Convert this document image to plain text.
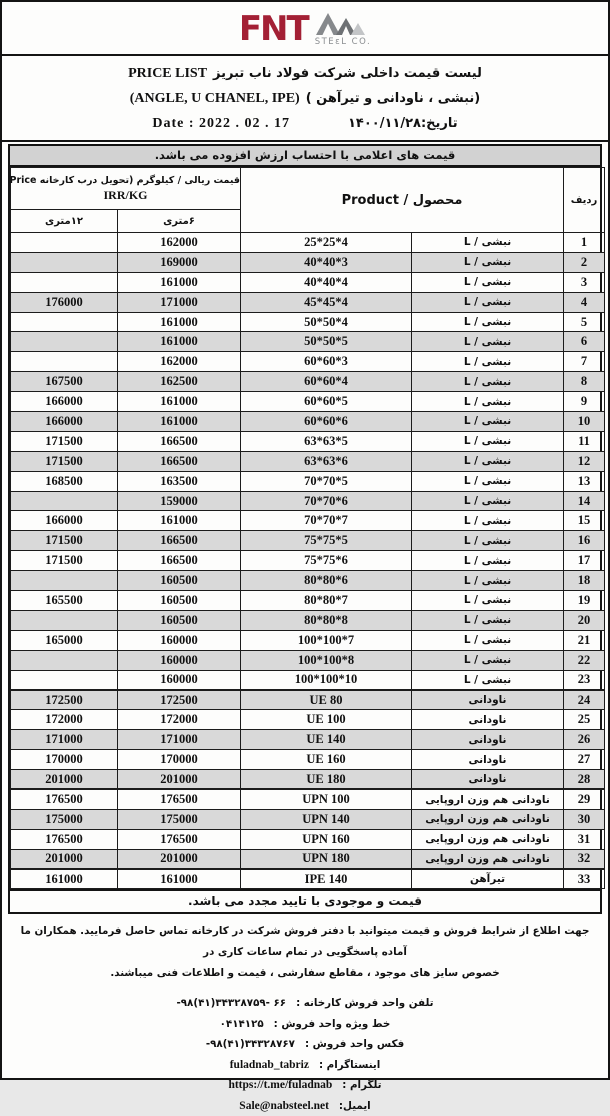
FNT STEεL CO.
PRICE LIST لیست قیمت داخلی شرکت فولاد ناب تبریز
(ANGLE, U CHANEL, IPE) (نبشی ، ناودانی و تیرآهن )
Date : 2022 . 02 . 17	تاریخ:۱۴۰۰/۱۱/۲۸
قیمت های اعلامی با احتساب ارزش افزوده می باشد.
قیمت ریالی / کیلوگرم (تحویل درب کارخانه Price
IRR/KG		محصول / Product		ردیف
۱۲متری	۶متری			
	162000	25*25*4	نبشی / L	1
	169000	40*40*3	نبشی / L	2
	161000	40*40*4	نبشی / L	3
176000	171000	45*45*4	نبشی / L	4
	161000	50*50*4	نبشی / L	5
	161000	50*50*5	نبشی / L	6
	162000	60*60*3	نبشی / L	7
167500	162500	60*60*4	نبشی / L	8
166000	161000	60*60*5	نبشی / L	9
166000	161000	60*60*6	نبشی / L	10
171500	166500	63*63*5	نبشی / L	11
171500	166500	63*63*6	نبشی / L	12
168500	163500	70*70*5	نبشی / L	13
	159000	70*70*6	نبشی / L	14
166000	161000	70*70*7	نبشی / L	15
171500	166500	75*75*5	نبشی / L	16
171500	166500	75*75*6	نبشی / L	17
	160500	80*80*6	نبشی / L	18
165500	160500	80*80*7	نبشی / L	19
	160500	80*80*8	نبشی / L	20
165000	160000	100*100*7	نبشی / L	21
	160000	100*100*8	نبشی / L	22
	160000	100*100*10	نبشی / L	23
172500	172500	UE 80	ناودانی	24
172000	172000	UE 100	ناودانی	25
171000	171000	UE 140	ناودانی	26
170000	170000	UE 160	ناودانی	27
201000	201000	UE 180	ناودانی	28
176500	176500	UPN 100	ناودانی هم وزن اروپایی	29
175000	175000	UPN 140	ناودانی هم وزن اروپایی	30
176500	176500	UPN 160	ناودانی هم وزن اروپایی	31
201000	201000	UPN 180	ناودانی هم وزن اروپایی	32
161000	161000	IPE 140	تیرآهن	33
قیمت و موجودی با تایید مجدد می باشد.
جهت اطلاع از شرایط فروش و قیمت میتوانید با دفتر فروش شرکت در کارخانه تماس حاصل فرمایید. همکاران ما آماده پاسخگویی در تمام ساعات کاری در
خصوص سایز های موجود ، مقاطع سفارشی ، قیمت و اطلاعات فنی میباشند.
تلفن واحد فروش کارخانه :
۶۶ -۳۴۳۲۸۷۵۹(۴۱)۹۸-
خط ویژه واحد فروش :
۰۴۱۴۱۲۵
فکس واحد فروش :
۳۴۳۲۸۷۶۷(۴۱)۹۸-
اینستاگرام :
fuladnab_tabriz
تلگرام :
https://t.me/fuladnab
ایمیل:
Sale@nabsteel.net
